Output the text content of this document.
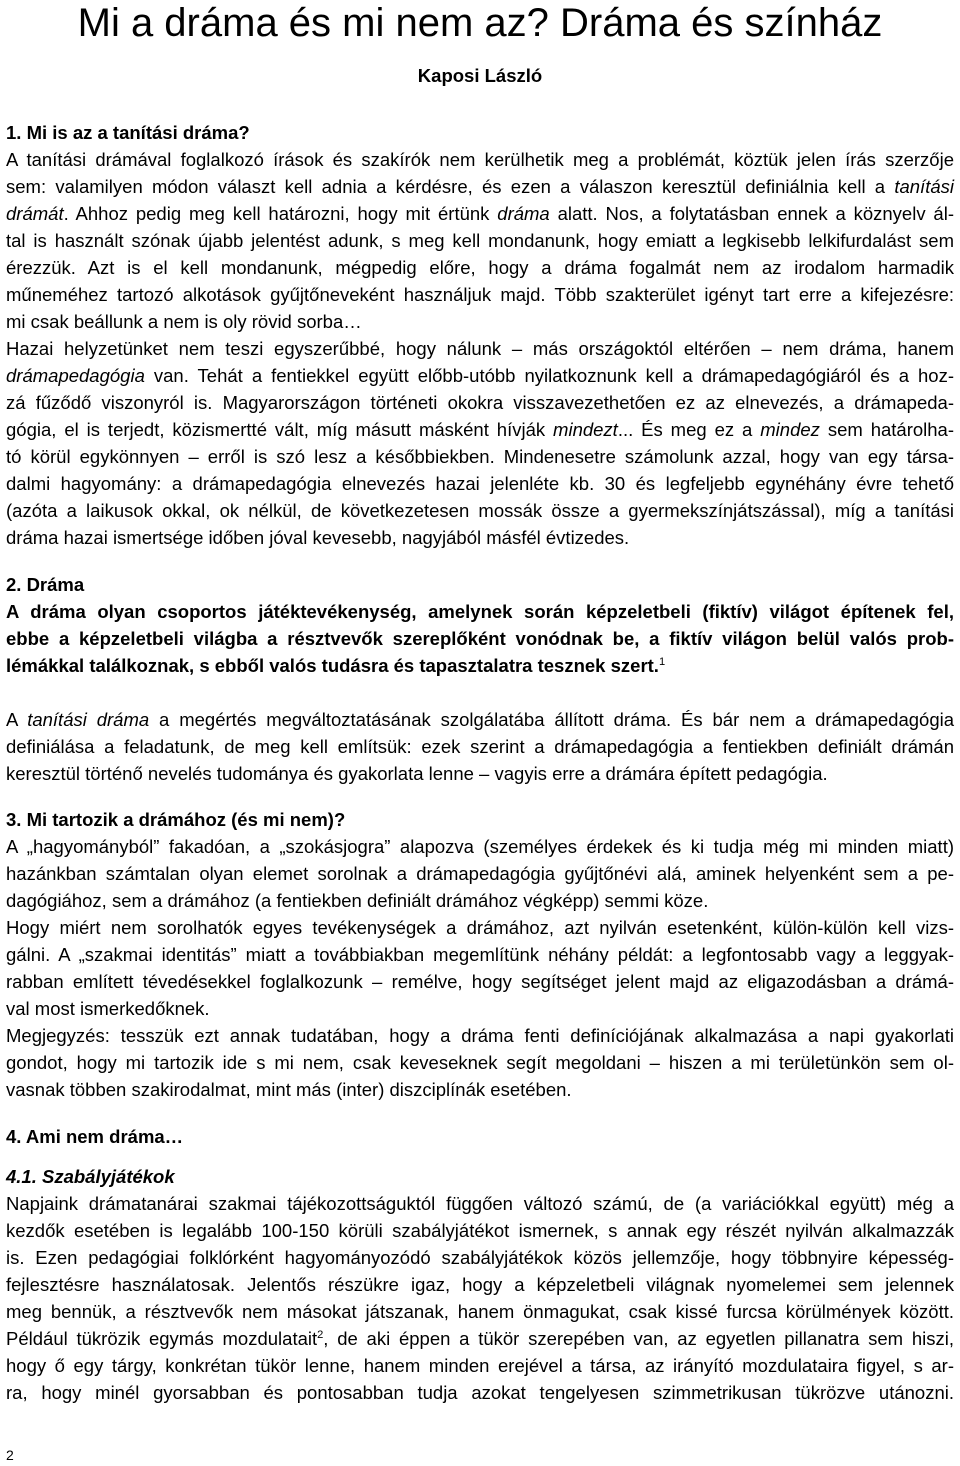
Mi a dráma és mi nem az? Dráma és színház
Kaposi László
1. Mi is az a tanítási dráma?
A tanítási drámával foglalkozó írások és szakírók nem kerülhetik meg a problémát, köztük jelen írás szerzője
sem: valamilyen módon választ kell adnia a kérdésre, és ezen a válaszon keresztül definiálnia kell a tanítási
drámát. Ahhoz pedig meg kell határozni, hogy mit értünk dráma alatt. Nos, a folytatásban ennek a köznyelv ál-
tal is használt szónak újabb jelentést adunk, s meg kell mondanunk, hogy emiatt a legkisebb lelkifurdalást sem
érezzük. Azt is el kell mondanunk, mégpedig előre, hogy a dráma fogalmát nem az irodalom harmadik
műneméhez tartozó alkotások gyűjtőneveként használjuk majd. Több szakterület igényt tart erre a kifejezésre:
mi csak beállunk a nem is oly rövid sorba…
Hazai helyzetünket nem teszi egyszerűbbé, hogy nálunk – más országoktól eltérően – nem dráma, hanem
drámapedagógia van. Tehát a fentiekkel együtt előbb-utóbb nyilatkoznunk kell a drámapedagógiáról és a hoz-
zá fűződő viszonyról is. Magyarországon történeti okokra visszavezethetően ez az elnevezés, a drámapeda-
gógia, el is terjedt, közismertté vált, míg másutt másként hívják mindezt... És meg ez a mindez sem határolha-
tó körül egykönnyen – erről is szó lesz a későbbiekben. Mindenesetre számolunk azzal, hogy van egy társa-
dalmi hagyomány: a drámapedagógia elnevezés hazai jelenléte kb. 30 és legfeljebb egynéhány évre tehető
(azóta a laikusok okkal, ok nélkül, de következetesen mossák össze a gyermekszínjátszással), míg a tanítási
dráma hazai ismertsége időben jóval kevesebb, nagyjából másfél évtizedes.
2. Dráma
A dráma olyan csoportos játéktevékenység, amelynek során képzeletbeli (fiktív) világot építenek fel,
ebbe a képzeletbeli világba a résztvevők szereplőként vonódnak be, a fiktív világon belül valós prob-
lémákkal találkoznak, s ebből valós tudásra és tapasztalatra tesznek szert.$^1$
A tanítási dráma a megértés megváltoztatásának szolgálatába állított dráma. És bár nem a drámapedagógia
definiálása a feladatunk, de meg kell említsük: ezek szerint a drámapedagógia a fentiekben definiált drámán
keresztül történő nevelés tudománya és gyakorlata lenne – vagyis erre a drámára épített pedagógia.
3. Mi tartozik a drámához (és mi nem)?
A „hagyományból” fakadóan, a „szokásjogra” alapozva (személyes érdekek és ki tudja még mi minden miatt)
hazánkban számtalan olyan elemet sorolnak a drámapedagógia gyűjtőnévi alá, aminek helyenként sem a pe-
dagógiához, sem a drámához (a fentiekben definiált drámához végképp) semmi köze.
Hogy miért nem sorolhatók egyes tevékenységek a drámához, azt nyilván esetenként, külön-külön kell vizs-
gálni. A „szakmai identitás” miatt a továbbiakban megemlítünk néhány példát: a legfontosabb vagy a leggyak-
rabban említett tévedésekkel foglalkozunk – remélve, hogy segítséget jelent majd az eligazodásban a drámá-
val most ismerkedőknek.
Megjegyzés: tesszük ezt annak tudatában, hogy a dráma fenti definíciójának alkalmazása a napi gyakorlati
gondot, hogy mi tartozik ide s mi nem, csak keveseknek segít megoldani – hiszen a mi területünkön sem ol-
vasnak többen szakirodalmat, mint más (inter) diszciplínák esetében.
4. Ami nem dráma…
4.1. Szabályjátékok
Napjaink drámatanárai szakmai tájékozottságuktól függően változó számú, de (a variációkkal együtt) még a
kezdők esetében is legalább 100-150 körüli szabályjátékot ismernek, s annak egy részét nyilván alkalmazzák
is. Ezen pedagógiai folklórként hagyományozódó szabályjátékok közös jellemzője, hogy többnyire képesség-
fejlesztésre használatosak. Jelentős részükre igaz, hogy a képzeletbeli világnak nyomelemei sem jelennek
meg bennük, a résztvevők nem másokat játszanak, hanem önmagukat, csak kissé furcsa körülmények között.
Például tükrözik egymás mozdulatait$^2$, de aki éppen a tükör szerepében van, az egyetlen pillanatra sem hiszi,
hogy ő egy tárgy, konkrétan tükör lenne, hanem minden erejével a társa, az irányító mozdulataira figyel, s ar-
ra, hogy minél gyorsabban és pontosabban tudja azokat tengelyesen szimmetrikusan tükrözve utánozni.
2
